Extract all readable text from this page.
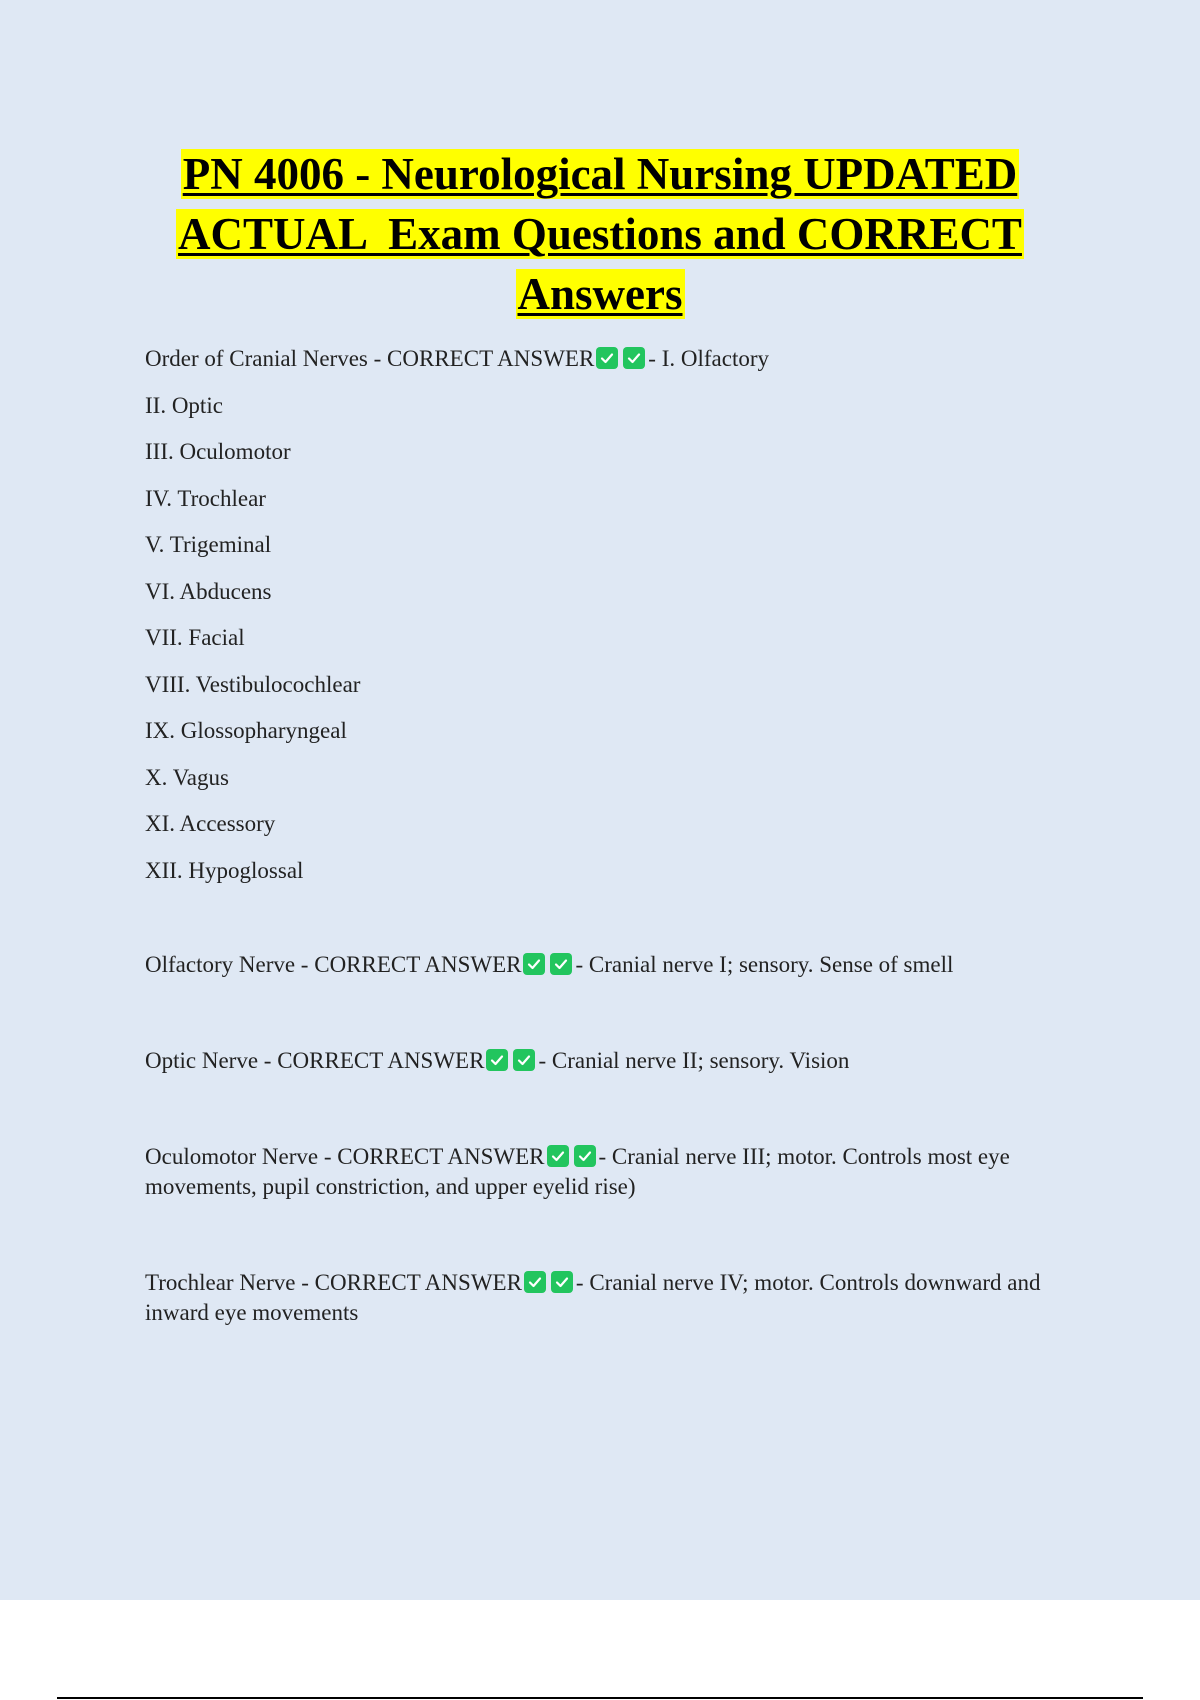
PN 4006 - Neurological Nursing UPDATED
ACTUAL  Exam Questions and CORRECT
Answers
Order of Cranial Nerves - CORRECT ANSWER - I. Olfactory
II. Optic
III. Oculomotor
IV. Trochlear
V. Trigeminal
VI. Abducens
VII. Facial
VIII. Vestibulocochlear
IX. Glossopharyngeal
X. Vagus
XI. Accessory
XII. Hypoglossal
Olfactory Nerve - CORRECT ANSWER - Cranial nerve I; sensory. Sense of smell
Optic Nerve - CORRECT ANSWER - Cranial nerve II; sensory. Vision
Oculomotor Nerve - CORRECT ANSWER - Cranial nerve III; motor. Controls most eye movements, pupil constriction, and upper eyelid rise)
Trochlear Nerve - CORRECT ANSWER - Cranial nerve IV; motor. Controls downward and inward eye movements
